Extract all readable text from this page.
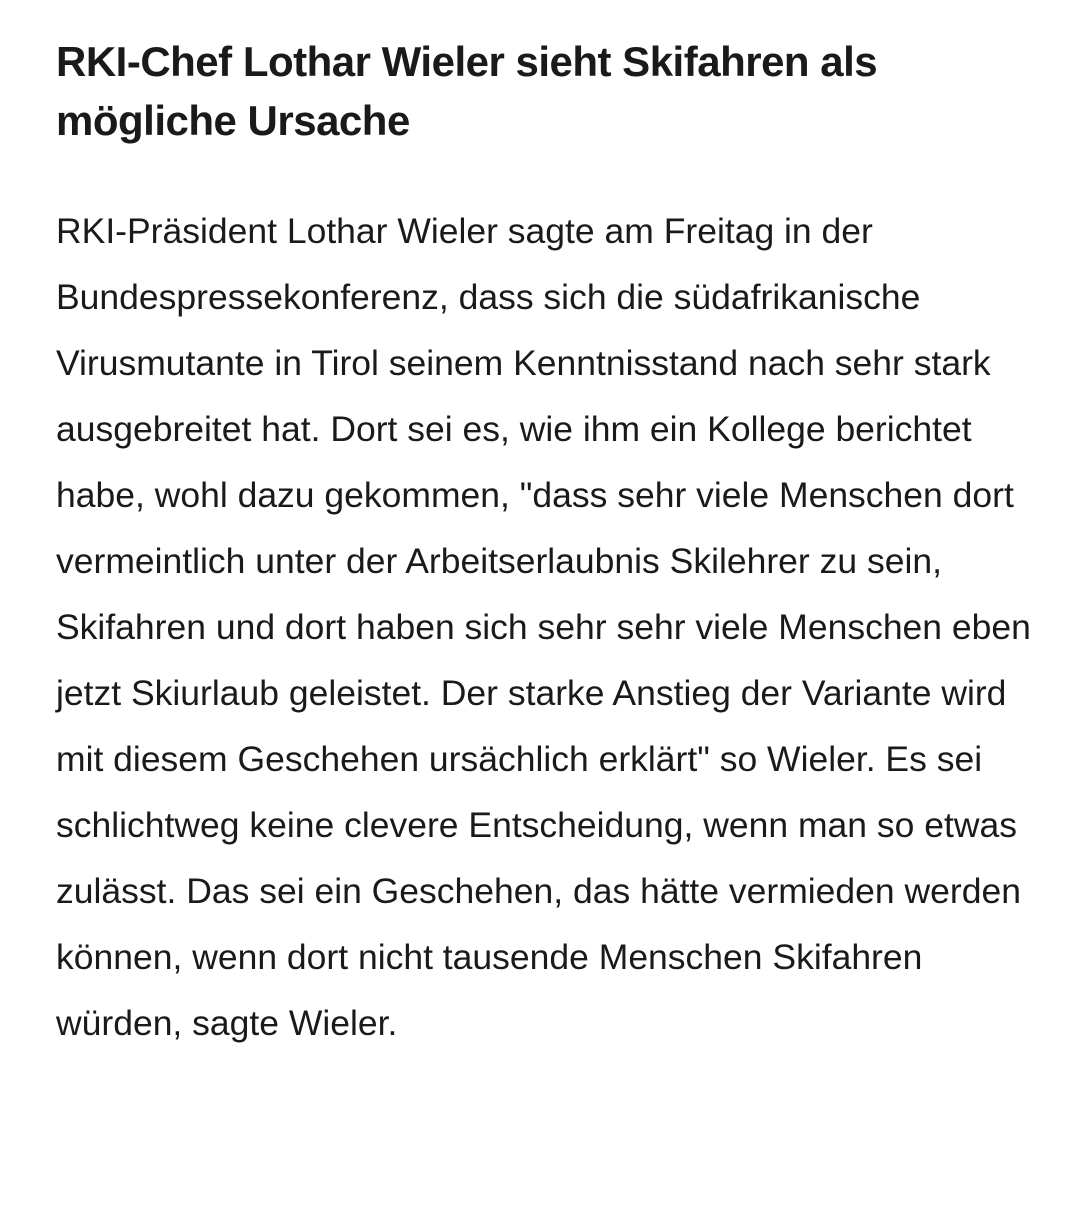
RKI-Chef Lothar Wieler sieht Skifahren als mögliche Ursache

RKI-Präsident Lothar Wieler sagte am Freitag in der Bundespressekonferenz, dass sich die südafrikanische Virusmutante in Tirol seinem Kenntnisstand nach sehr stark ausgebreitet hat. Dort sei es, wie ihm ein Kollege berichtet habe, wohl dazu gekommen, "dass sehr viele Menschen dort vermeintlich unter der Arbeitserlaubnis Skilehrer zu sein, Skifahren und dort haben sich sehr sehr viele Menschen eben jetzt Skiurlaub geleistet. Der starke Anstieg der Variante wird mit diesem Geschehen ursächlich erklärt" so Wieler. Es sei schlichtweg keine clevere Entscheidung, wenn man so etwas zulässt. Das sei ein Geschehen, das hätte vermieden werden können, wenn dort nicht tausende Menschen Skifahren würden, sagte Wieler.
